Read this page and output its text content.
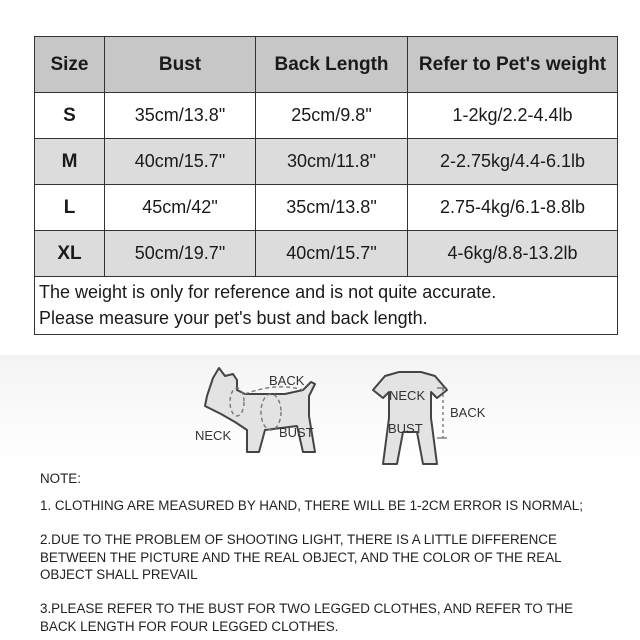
Size	Bust	Back Length	Refer to Pet's weight
S	35cm/13.8"	25cm/9.8"	1-2kg/2.2-4.4lb
M	40cm/15.7"	30cm/11.8"	2-2.75kg/4.4-6.1lb
L	45cm/42"	35cm/13.8"	2.75-4kg/6.1-8.8lb
XL	50cm/19.7"	40cm/15.7"	4-6kg/8.8-13.2lb
The weight is only for reference and is not quite accurate.
Please measure your pet's bust and back length.			
BACK
NECK	BUST
NECK
BACK
BUST

NOTE:

1. CLOTHING ARE MEASURED BY HAND, THERE WILL BE 1-2CM ERROR IS NORMAL;

2.DUE TO THE PROBLEM OF SHOOTING LIGHT, THERE IS A LITTLE DIFFERENCE

BETWEEN THE PICTURE AND THE REAL OBJECT, AND THE COLOR OF THE REAL

OBJECT SHALL PREVAIL

3.PLEASE REFER TO THE BUST FOR TWO LEGGED CLOTHES, AND REFER TO THE

BACK LENGTH FOR FOUR LEGGED CLOTHES.
